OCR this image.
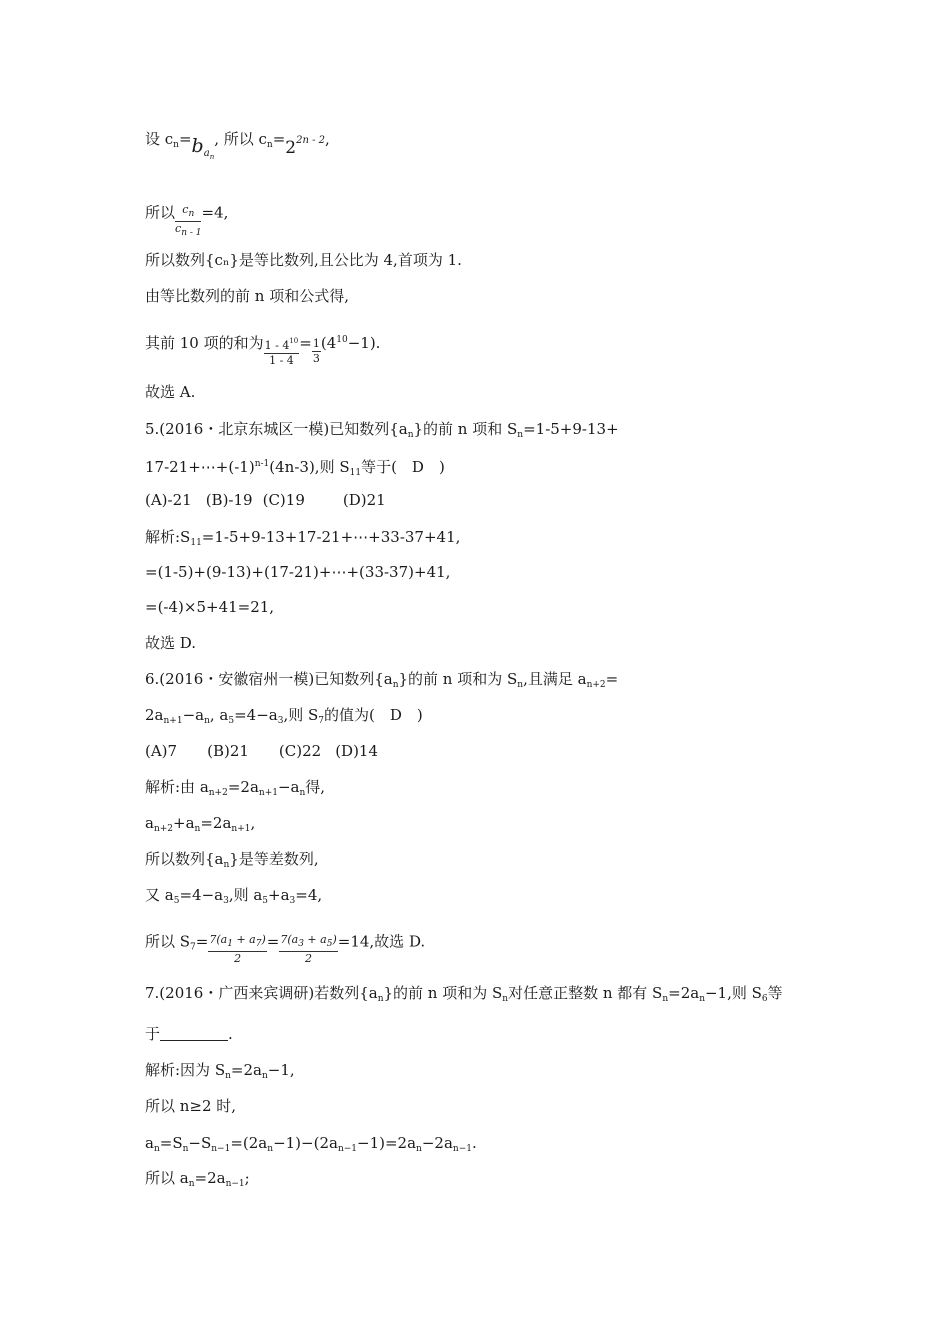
设 $c_n=b_{an}$, 所以 $c_n=22n - 2$,
所以 $\frac{c_n}{c_{n - 1}} =4$,
所以数列{cₙ}是等比数列,且公比为 4,首项为 1.
由等比数列的前 n 项和公式得,
其前 10 项的和为 $\frac{1 - 4^{10}}{1 - 4} = \frac{1}{3} (4^{10}-1)$.
故选 A.
5.(2016・北京东城区一模)已知数列$\{a_n\}$的前 n 项和 $S_n=1-5+9-13+$
$17-21+\cdots+(-1)^{n-1}(4n-3)$,则 $S_{11}$等于(　D　)
(A)-21 (B)-19 (C)19	(D)21
解析$:S_{11}=1-5+9-13+17-21+\cdots+33-37+41$,
=(1-5)+(9-13)+(17-21)+⋯+(33-37)+41,
=(-4)×5+41=21,
故选 D.
6.(2016・安徽宿州一模)已知数列$\{a_n\}$的前 n 项和为 $S_n$,且满足 $a_{n+2}=$
$2a_{n+1}-a_n$, $a_5=4-a_3$,则 $S_7$的值为(　D　)
(A)7 (B)21 (C)22 (D)14
解析:由 $a_{n+2}=2a_{n+1}-a_n$得,
$a_{n+2}+a_n=2a_{n+1}$,
所以数列$\{a_n\}$是等差数列,
又 $a_5=4-a_3$,则 $a_5+a_3=4$,
所以 $S_7= \frac{7(a_1 + a_7)}{2} = \frac{7(a_3 + a_5)}{2} =14$,故选 D.
7.(2016・广西来宾调研)若数列$\{a_n\}$的前 n 项和为 $S_n$对任意正整数 n 都有 $S_n=2a_n-1$,则 $S_6$等
于	.
解析:因为 $S_n=2a_n-1$,
所以 n≥2 时,
$a_n=S_n-S_{n-1}=(2a_n-1)-(2a_{n-1}-1)=2a_n-2a_{n-1}$.
所以 $a_n=2a_{n-1}$;
